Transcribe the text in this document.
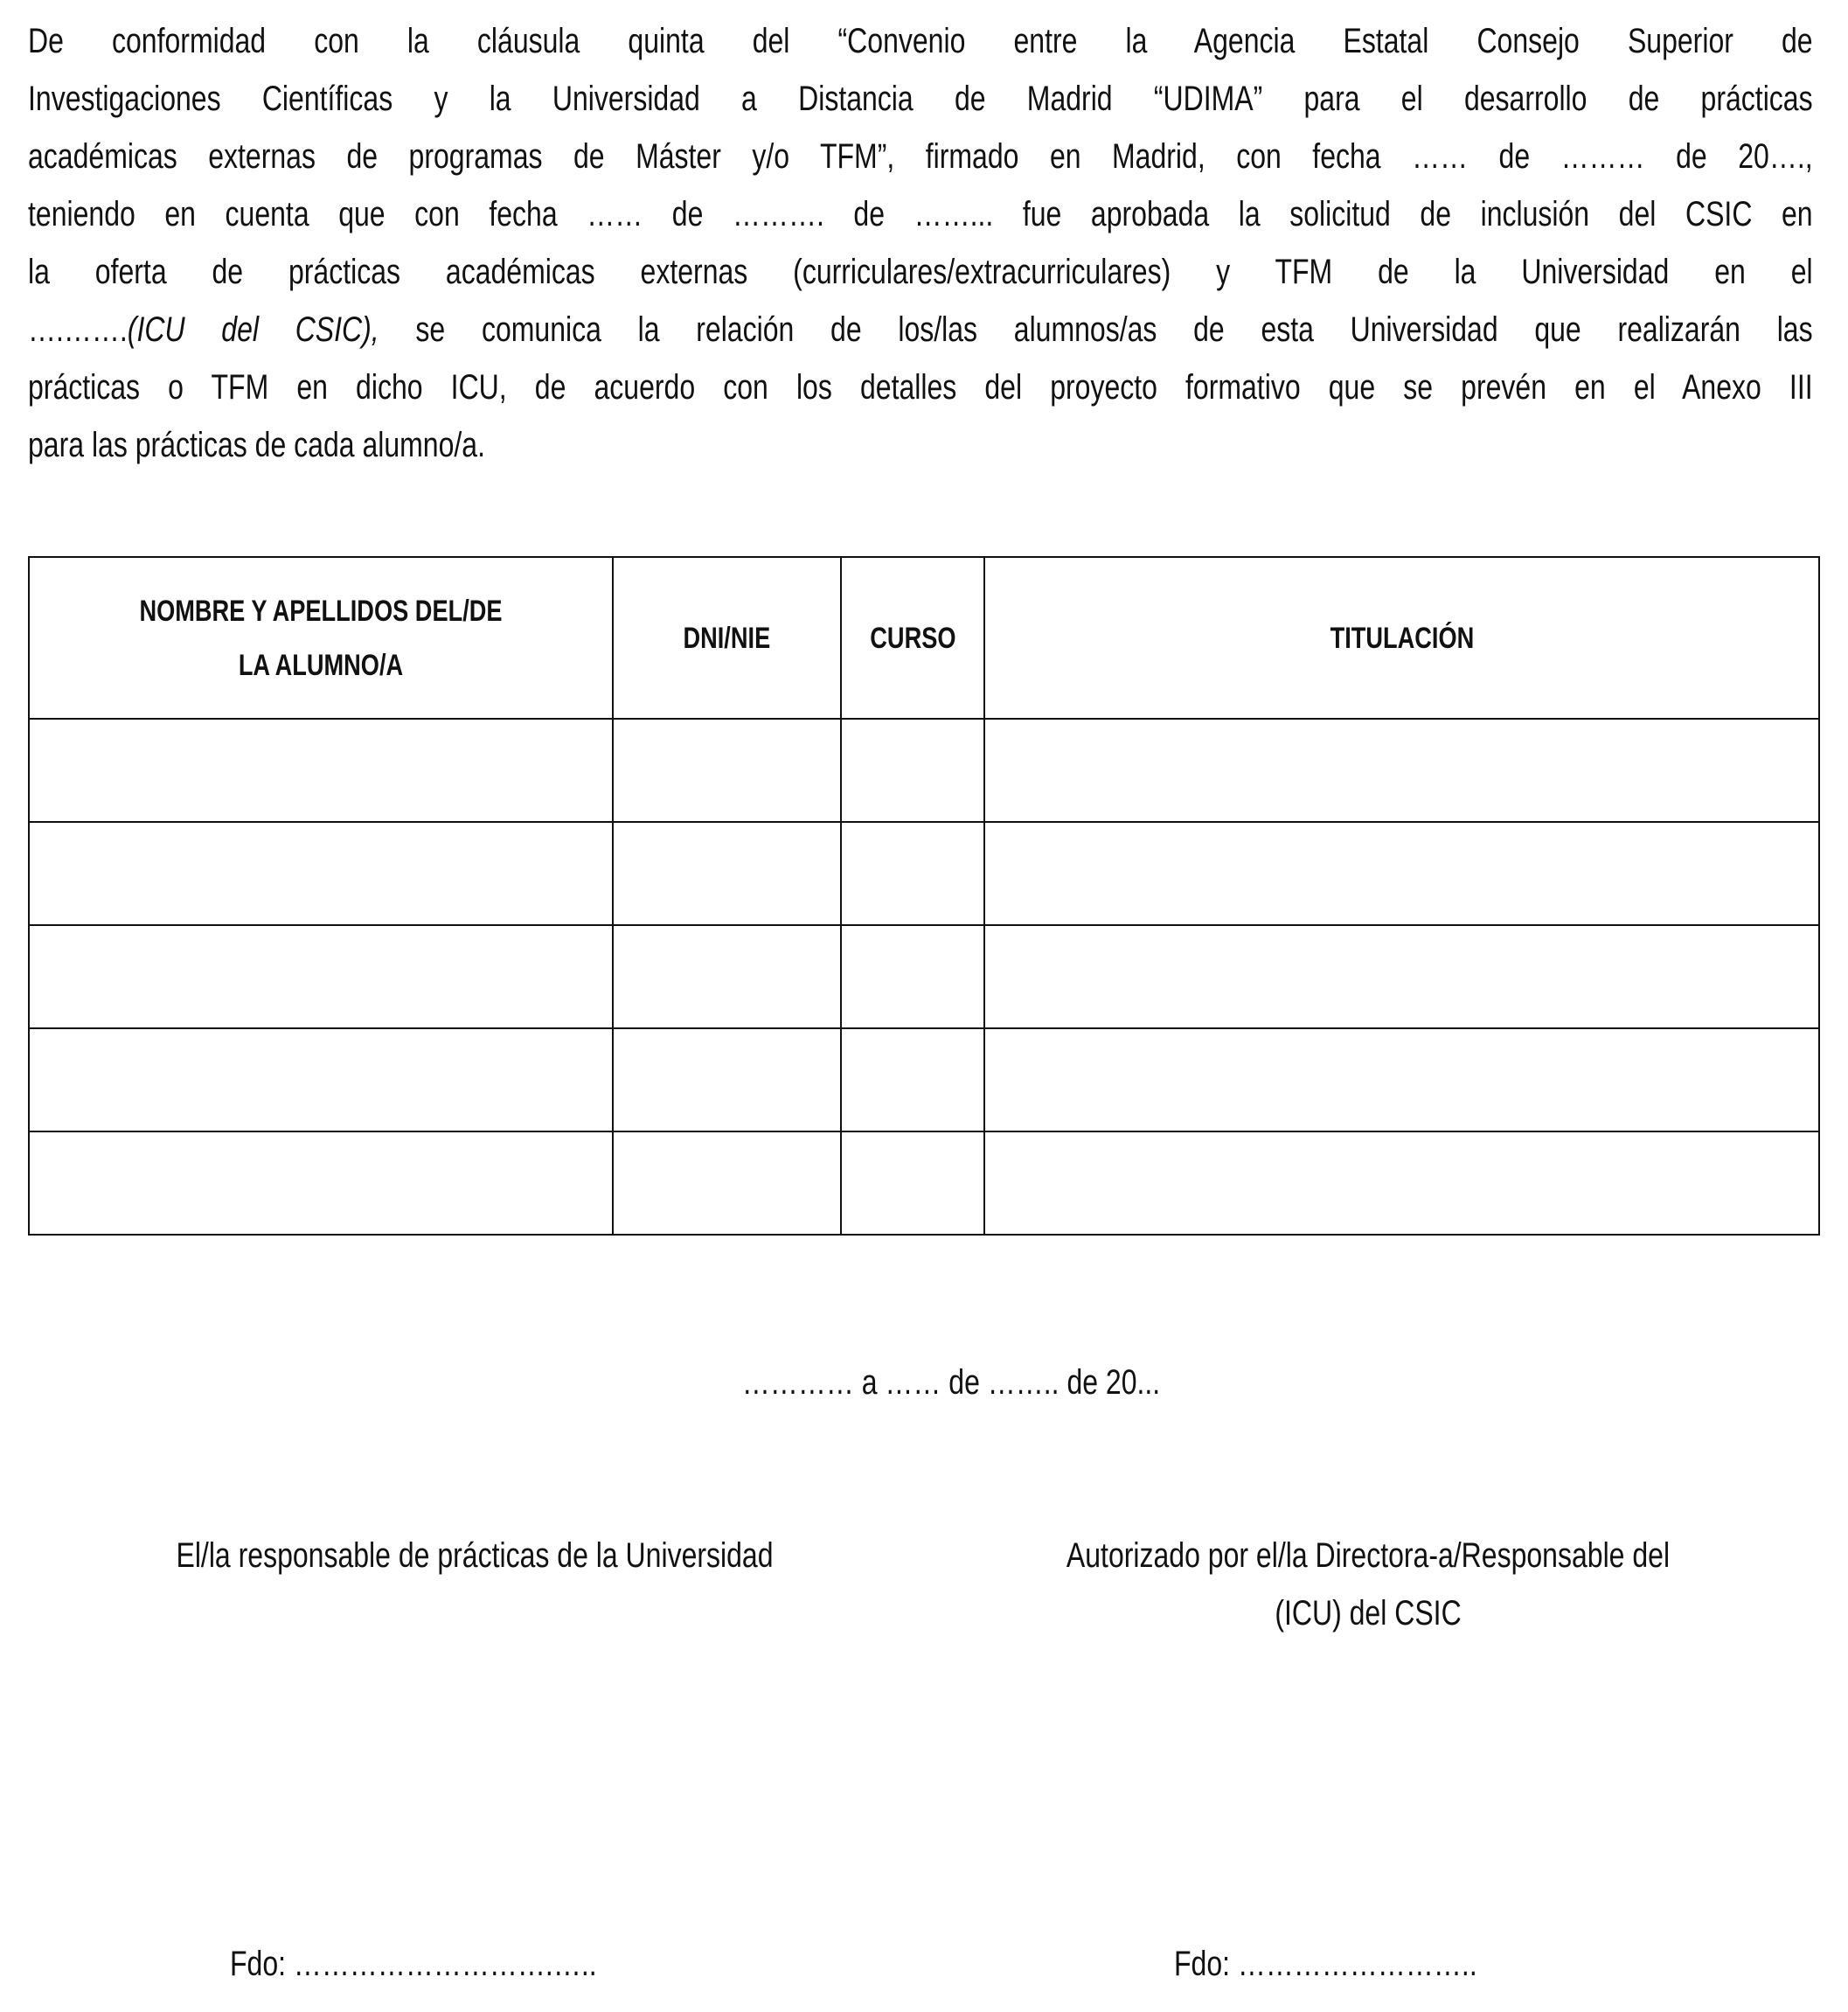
De conformidad con la cláusula quinta del “Convenio entre la Agencia Estatal Consejo Superior de
Investigaciones Científicas y la Universidad a Distancia de Madrid “UDIMA” para el desarrollo de prácticas
académicas externas de programas de Máster y/o TFM”, firmado en Madrid, con fecha …… de ……… de 20….,
teniendo en cuenta que con fecha …… de ………. de ……... fue aprobada la solicitud de inclusión del CSIC en
la oferta de prácticas académicas externas (curriculares/extracurriculares) y TFM de la Universidad en el
….…….(ICU del CSIC), se comunica la relación de los/las alumnos/as de esta Universidad que realizarán las
prácticas o TFM en dicho ICU, de acuerdo con los detalles del proyecto formativo que se prevén en el Anexo III
para las prácticas de cada alumno/a.
NOMBRE Y APELLIDOS DEL/DE LA ALUMNO/A	DNI/NIE	CURSO	TITULACIÓN

………… a …… de …….. de 20...
El/la responsable de prácticas de la Universidad	Autorizado por el/la Directora-a/Responsable del
(ICU) del CSIC
Fdo: ……………………….…..	Fdo: ……………………..
